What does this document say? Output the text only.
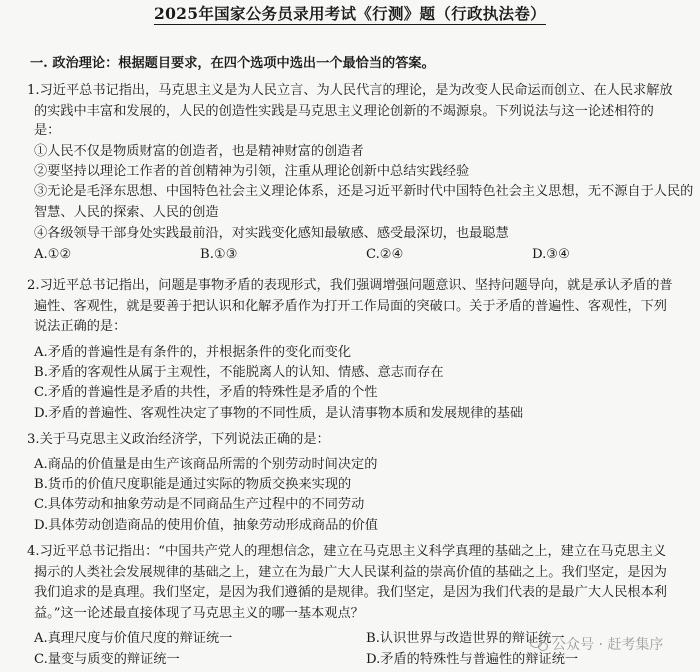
2025年国家公务员录用考试《行测》题（行政执法卷）
一. 政治理论：根据题目要求，在四个选项中选出一个最恰当的答案。
1.习近平总书记指出，马克思主义是为人民立言、为人民代言的理论，是为改变人民命运而创立、在人民求解放
的实践中丰富和发展的，人民的创造性实践是马克思主义理论创新的不竭源泉。下列说法与这一论述相符的
是：
①人民不仅是物质财富的创造者，也是精神财富的创造者
②要坚持以理论工作者的首创精神为引领，注重从理论创新中总结实践经验
③无论是毛泽东思想、中国特色社会主义理论体系，还是习近平新时代中国特色社会主义思想，无不源自于人民的
智慧、人民的探索、人民的创造
④各级领导干部身处实践最前沿，对实践变化感知最敏感、感受最深切，也最聪慧
A.①②	B.①③	C.②④	D.③④
2.习近平总书记指出，问题是事物矛盾的表现形式，我们强调增强问题意识、坚持问题导向，就是承认矛盾的普
遍性、客观性，就是要善于把认识和化解矛盾作为打开工作局面的突破口。关于矛盾的普遍性、客观性，下列
说法正确的是：
A.矛盾的普遍性是有条件的，并根据条件的变化而变化
B.矛盾的客观性从属于主观性，不能脱离人的认知、情感、意志而存在
C.矛盾的普遍性是矛盾的共性，矛盾的特殊性是矛盾的个性
D.矛盾的普遍性、客观性决定了事物的不同性质，是认清事物本质和发展规律的基础
3.关于马克思主义政治经济学，下列说法正确的是：
A.商品的价值量是由生产该商品所需的个别劳动时间决定的
B.货币的价值尺度职能是通过实际的物质交换来实现的
C.具体劳动和抽象劳动是不同商品生产过程中的不同劳动
D.具体劳动创造商品的使用价值，抽象劳动形成商品的价值
4.习近平总书记指出：“中国共产党人的理想信念，建立在马克思主义科学真理的基础之上，建立在马克思主义
揭示的人类社会发展规律的基础之上，建立在为最广大人民谋利益的崇高价值的基础之上。我们坚定，是因为
我们追求的是真理。我们坚定，是因为我们遵循的是规律。我们坚定，是因为我们代表的是最广大人民根本利
益。”这一论述最直接体现了马克思主义的哪一基本观点？
A.真理尺度与价值尺度的辩证统一	B.认识世界与改造世界的辩证统一
C.量变与质变的辩证统一	D.矛盾的特殊性与普遍性的辩证统一
公众号 · 赶考集序
